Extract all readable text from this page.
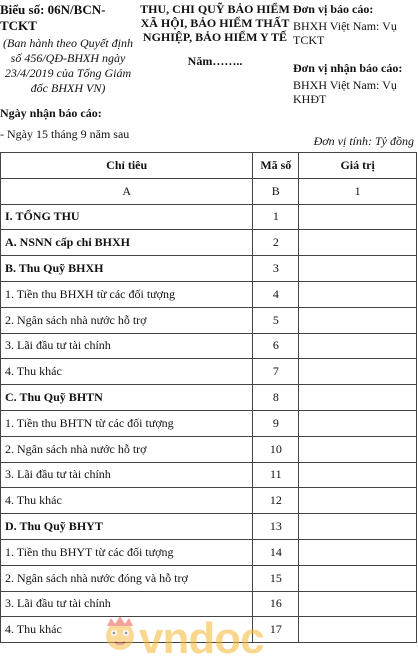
Biểu số: 06N/BCN-TCKT
(Ban hành theo Quyết định số 456/QĐ-BHXH ngày 23/4/2019 của Tổng Giám đốc BHXH VN)
Ngày nhận báo cáo:
- Ngày 15 tháng 9 năm sau
THU, CHI QUỸ BẢO HIỂM XÃ HỘI, BẢO HIỂM THẤT NGHIỆP, BẢO HIỂM Y TẾ
Năm……..
Đơn vị báo cáo:
BHXH Việt Nam: Vụ TCKT
Đơn vị nhận báo cáo:
BHXH Việt Nam: Vụ KHĐT
Đơn vị tính: Tỷ đồng
Chỉ tiêu	Mã số	Giá trị
A	B	1
I. TỔNG THU	1	
A. NSNN cấp chi BHXH	2	
B. Thu Quỹ BHXH	3	
1. Tiền thu BHXH từ các đối tượng	4	
2. Ngân sách nhà nước hỗ trợ	5	
3. Lãi đầu tư tài chính	6	
4. Thu khác	7	
C. Thu Quỹ BHTN	8	
1. Tiền thu BHTN từ các đối tượng	9	
2. Ngân sách nhà nước hỗ trợ	10	
3. Lãi đầu tư tài chính	11	
4. Thu khác	12	
D. Thu Quỹ BHYT	13	
1. Tiền thu BHYT từ các đối tượng	14	
2. Ngân sách nhà nước đóng và hỗ trợ	15	
3. Lãi đầu tư tài chính	16	
4. Thu khác	17	
vndoc
